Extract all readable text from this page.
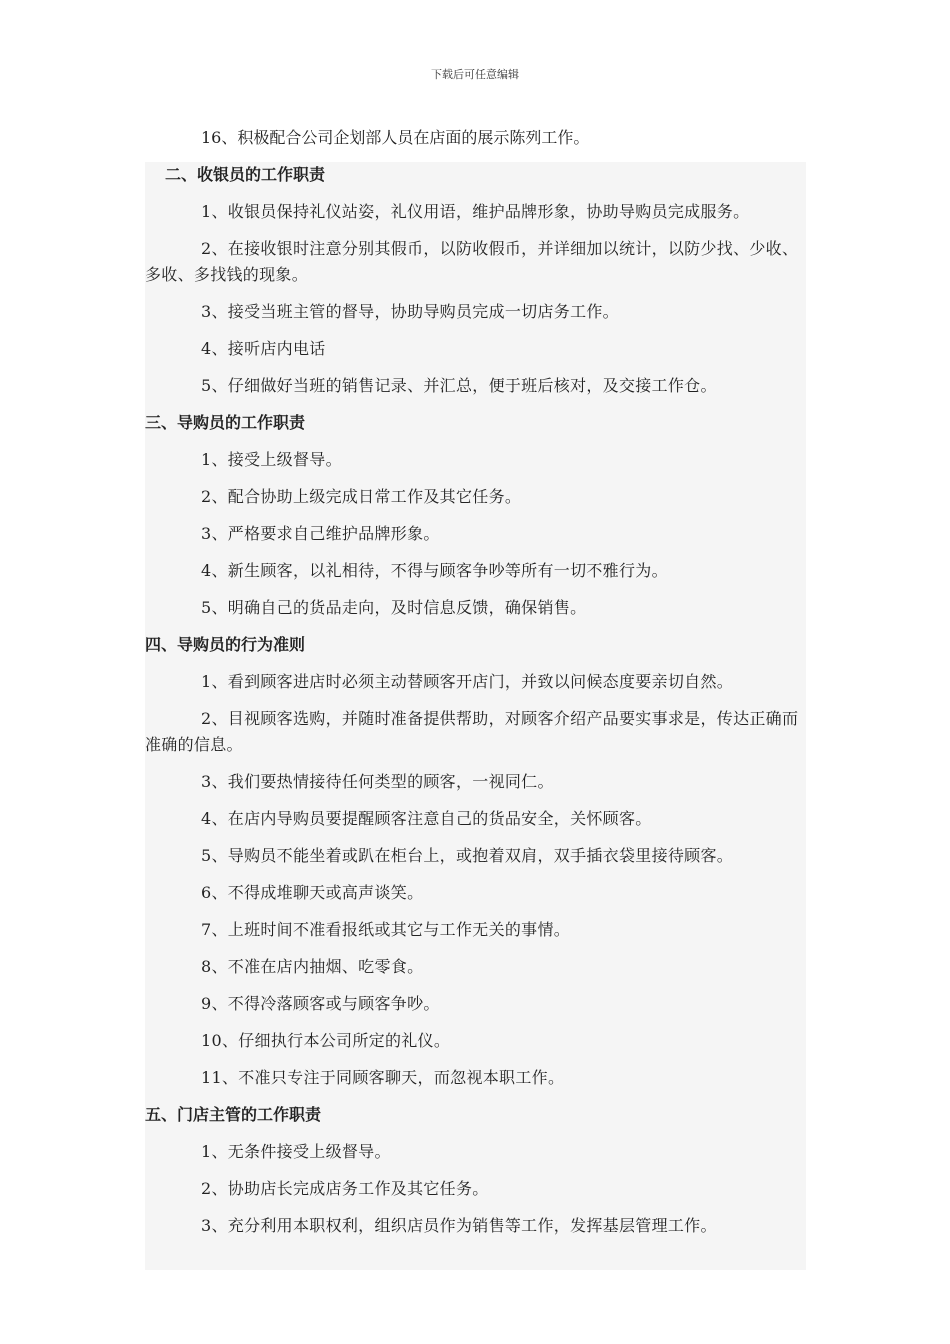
下载后可任意编辑

16、积极配合公司企划部人员在店面的展示陈列工作。

二、收银员的工作职责
1、收银员保持礼仪站姿，礼仪用语，维护品牌形象，协助导购员完成服务。
2、在接收银时注意分别其假币，以防收假币，并详细加以统计，以防少找、少收、多收、多找钱的现象。
3、接受当班主管的督导，协助导购员完成一切店务工作。
4、接听店内电话
5、仔细做好当班的销售记录、并汇总，便于班后核对，及交接工作仓。
三、导购员的工作职责
1、接受上级督导。
2、配合协助上级完成日常工作及其它任务。
3、严格要求自己维护品牌形象。
4、新生顾客，以礼相待，不得与顾客争吵等所有一切不雅行为。
5、明确自己的货品走向，及时信息反馈，确保销售。
四、导购员的行为准则
1、看到顾客进店时必须主动替顾客开店门，并致以问候态度要亲切自然。
2、目视顾客选购，并随时准备提供帮助，对顾客介绍产品要实事求是，传达正确而准确的信息。
3、我们要热情接待任何类型的顾客，一视同仁。
4、在店内导购员要提醒顾客注意自己的货品安全，关怀顾客。
5、导购员不能坐着或趴在柜台上，或抱着双肩，双手插衣袋里接待顾客。
6、不得成堆聊天或高声谈笑。
7、上班时间不准看报纸或其它与工作无关的事情。
8、不准在店内抽烟、吃零食。
9、不得冷落顾客或与顾客争吵。
10、仔细执行本公司所定的礼仪。
11、不准只专注于同顾客聊天，而忽视本职工作。
五、门店主管的工作职责
1、无条件接受上级督导。
2、协助店长完成店务工作及其它任务。
3、充分利用本职权利，组织店员作为销售等工作，发挥基层管理工作。
